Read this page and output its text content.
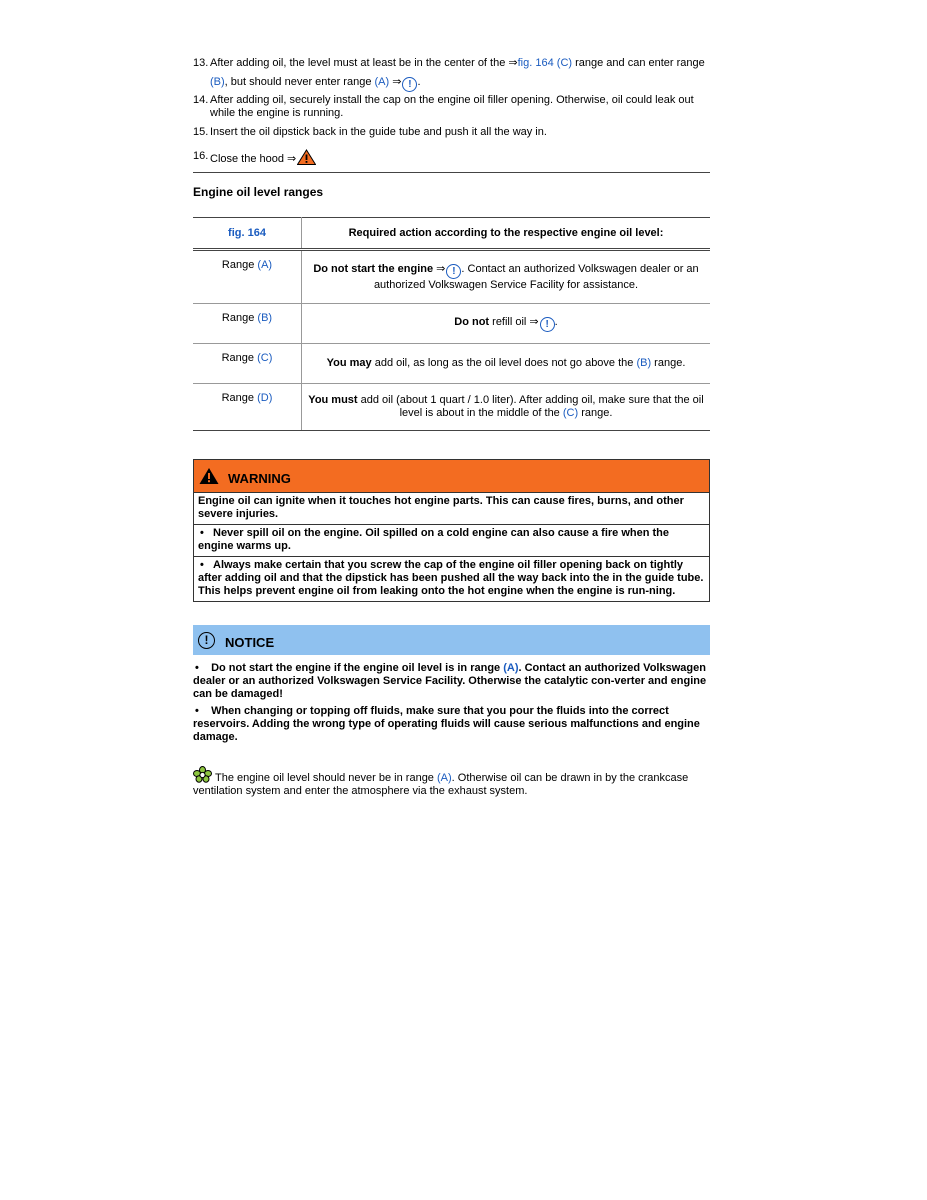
13. After adding oil, the level must at least be in the center of the ⇒fig. 164 (C) range and can enter range (B), but should never enter range (A) ⇒ ! .
14. After adding oil, securely install the cap on the engine oil filler opening. Otherwise, oil could leak out while the engine is running.
15. Insert the oil dipstick back in the guide tube and push it all the way in.
16. Close the hood ⇒
Engine oil level ranges
fig. 164	Required action according to the respective engine oil level:
Range (A)	Do not start the engine ⇒ ! . Contact an authorized Volkswagen dealer or an authorized Volkswagen Service Facility for assistance.
Range (B)	Do not refill oil ⇒ ! .
Range (C)	You may add oil, as long as the oil level does not go above the (B) range.
Range (D)	You must add oil (about 1 quart / 1.0 liter). After adding oil, make sure that the oil level is about in the middle of the (C) range.
WARNING

Engine oil can ignite when it touches hot engine parts. This can cause fires, burns, and other severe injuries.

• Never spill oil on the engine. Oil spilled on a cold engine can also cause a fire when the engine warms up.
• Always make certain that you screw the cap of the engine oil filler opening back on tightly after adding oil and that the dipstick has been pushed all the way back into the in the guide tube. This helps prevent engine oil from leaking onto the hot engine when the engine is run-ning.
!	NOTICE

• Do not start the engine if the engine oil level is in range (A). Contact an authorized Volkswagen dealer or an authorized Volkswagen Service Facility. Otherwise the catalytic con-verter and engine can be damaged!

• When changing or topping off fluids, make sure that you pour the fluids into the correct reservoirs. Adding the wrong type of operating fluids will cause serious malfunctions and engine damage.

The engine oil level should never be in range (A). Otherwise oil can be drawn in by the crankcase ventilation system and enter the atmosphere via the exhaust system.
